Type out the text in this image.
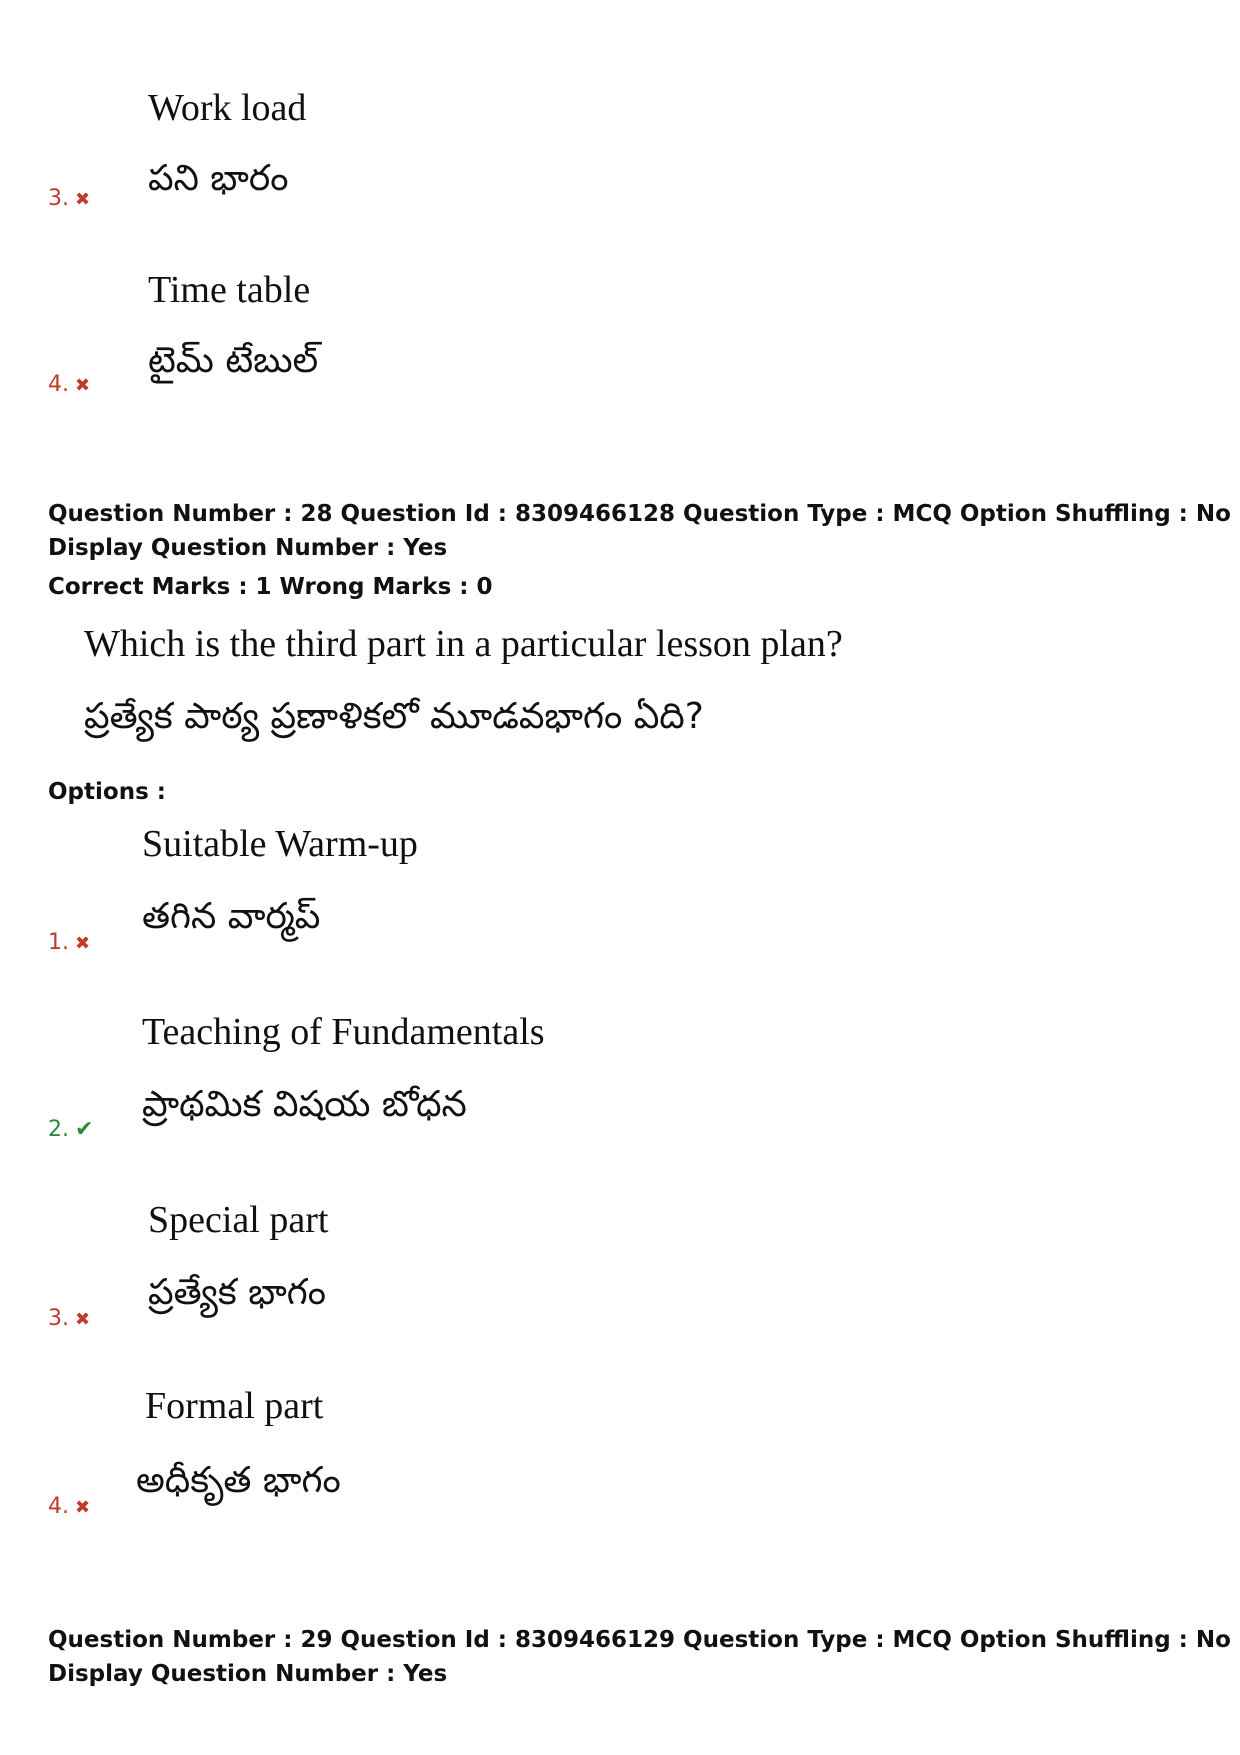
Work load
పని భారం
3. ✖
Time table
టైమ్ టేబుల్
4. ✖
Question Number : 28 Question Id : 8309466128 Question Type : MCQ Option Shuffling : No
Display Question Number : Yes
Correct Marks : 1 Wrong Marks : 0
Which is the third part in a particular lesson plan?
ప్రత్యేక పాఠ్య ప్రణాళికలో మూడవభాగం ఏది?
Options :
Suitable Warm-up
తగిన వార్మప్
1. ✖
Teaching of Fundamentals
ప్రాథమిక విషయ బోధన
2. ✔
Special part
ప్రత్యేక భాగం
3. ✖
Formal part
అధీకృత భాగం
4. ✖
Question Number : 29 Question Id : 8309466129 Question Type : MCQ Option Shuffling : No
Display Question Number : Yes
